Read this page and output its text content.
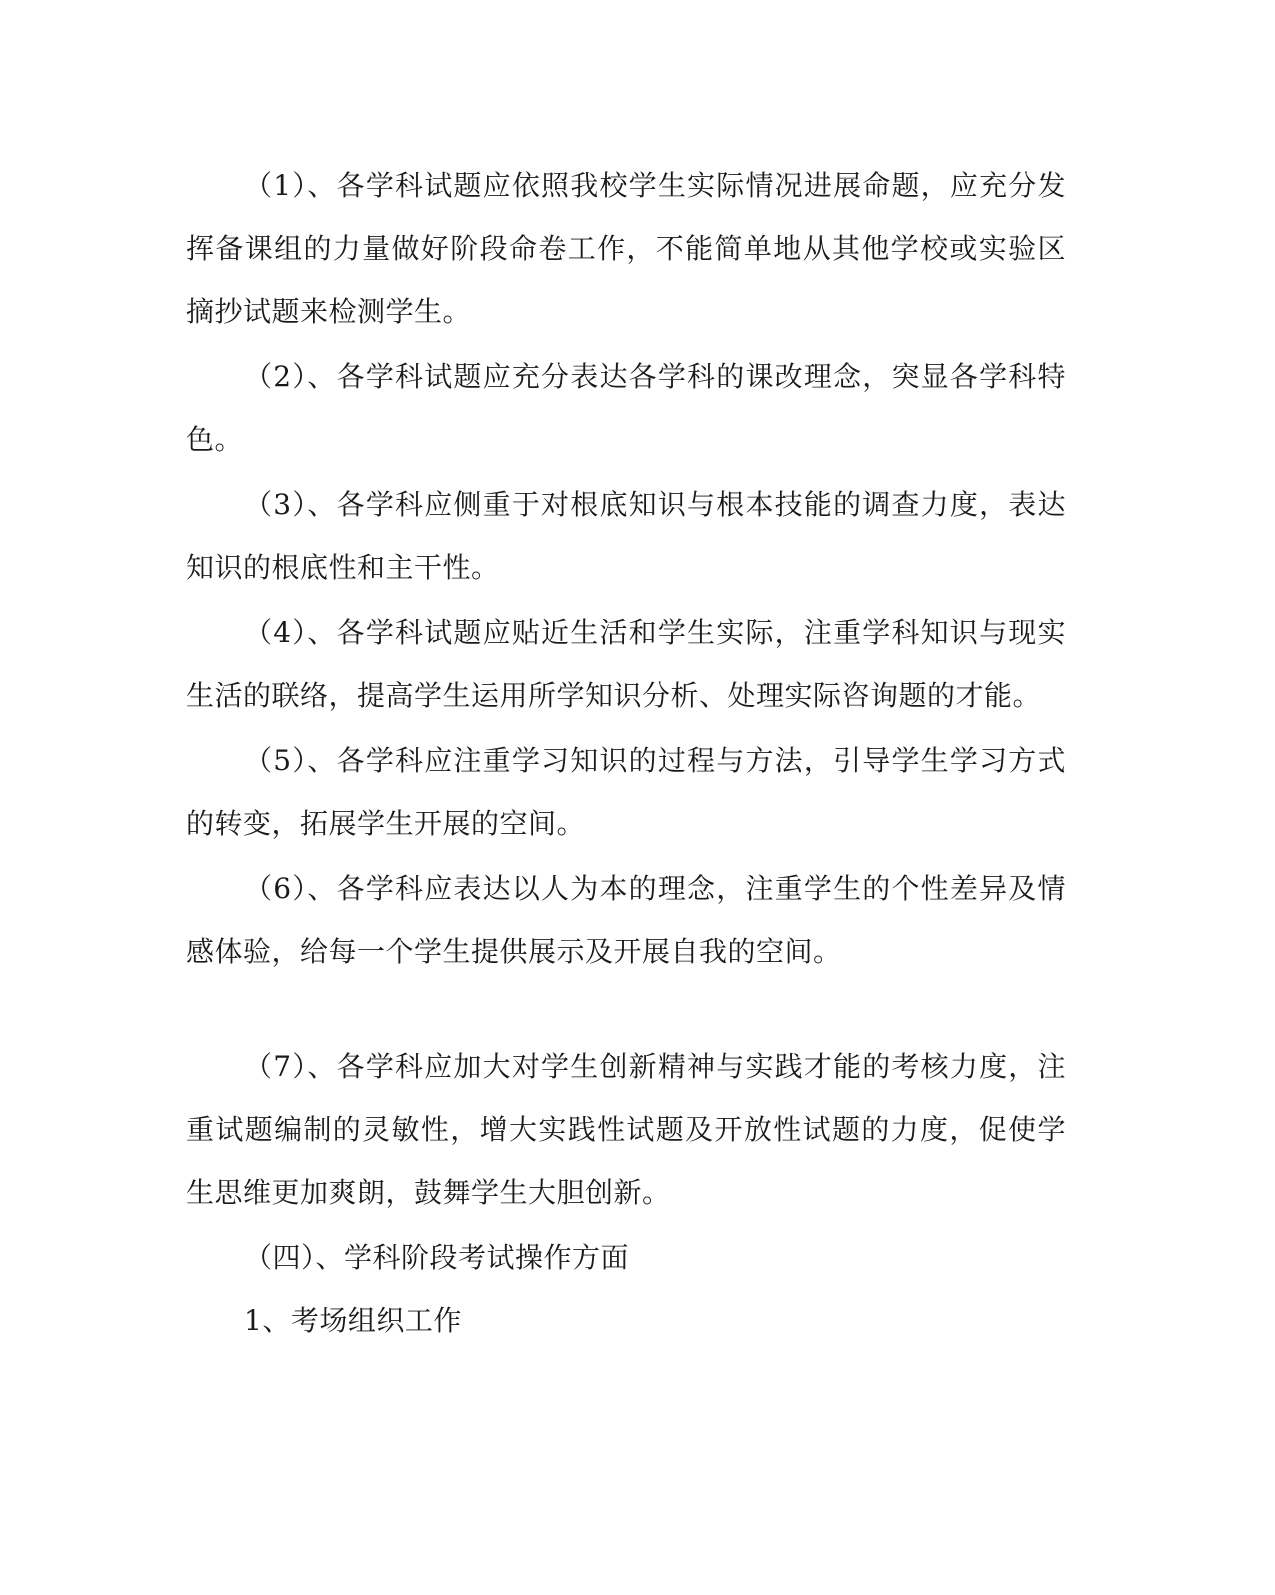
（1）、各学科试题应依照我校学生实际情况进展命题，应充分发挥备课组的力量做好阶段命卷工作，不能简单地从其他学校或实验区摘抄试题来检测学生。

（2）、各学科试题应充分表达各学科的课改理念，突显各学科特色。

（3）、各学科应侧重于对根底知识与根本技能的调查力度，表达知识的根底性和主干性。

（4）、各学科试题应贴近生活和学生实际，注重学科知识与现实生活的联络，提高学生运用所学知识分析、处理实际咨询题的才能。

（5）、各学科应注重学习知识的过程与方法，引导学生学习方式的转变，拓展学生开展的空间。

（6）、各学科应表达以人为本的理念，注重学生的个性差异及情感体验，给每一个学生提供展示及开展自我的空间。

（7）、各学科应加大对学生创新精神与实践才能的考核力度，注重试题编制的灵敏性，增大实践性试题及开放性试题的力度，促使学生思维更加爽朗，鼓舞学生大胆创新。

（四）、学科阶段考试操作方面

1、考场组织工作
